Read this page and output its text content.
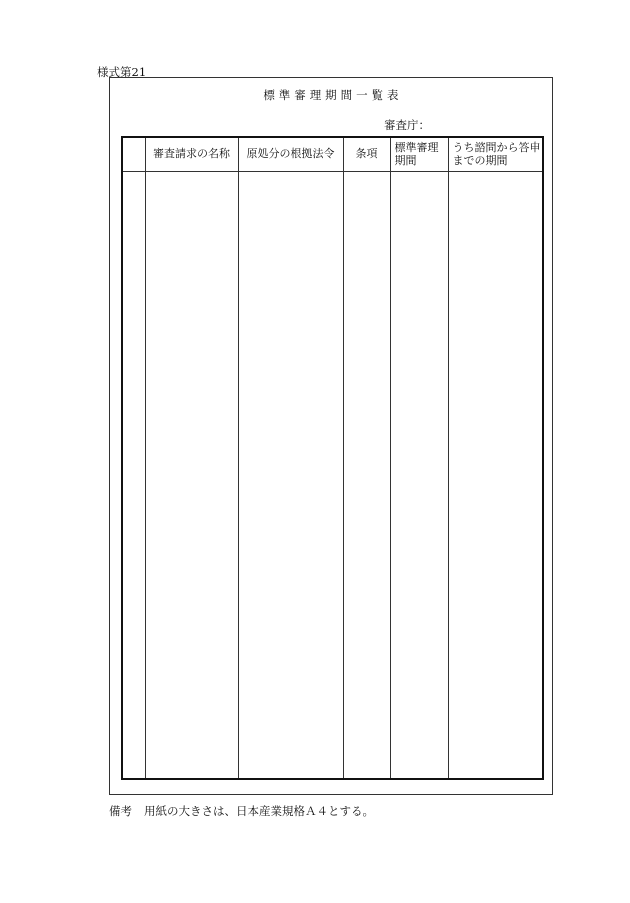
様式第21
標 準 審 理 期 間 一 覧 表
審査庁：
	審査請求の名称	原処分の根拠法令	条項	標準審理期間	うち諮問から答申までの期間

備考 用紙の大きさは、日本産業規格Ａ４とする。
